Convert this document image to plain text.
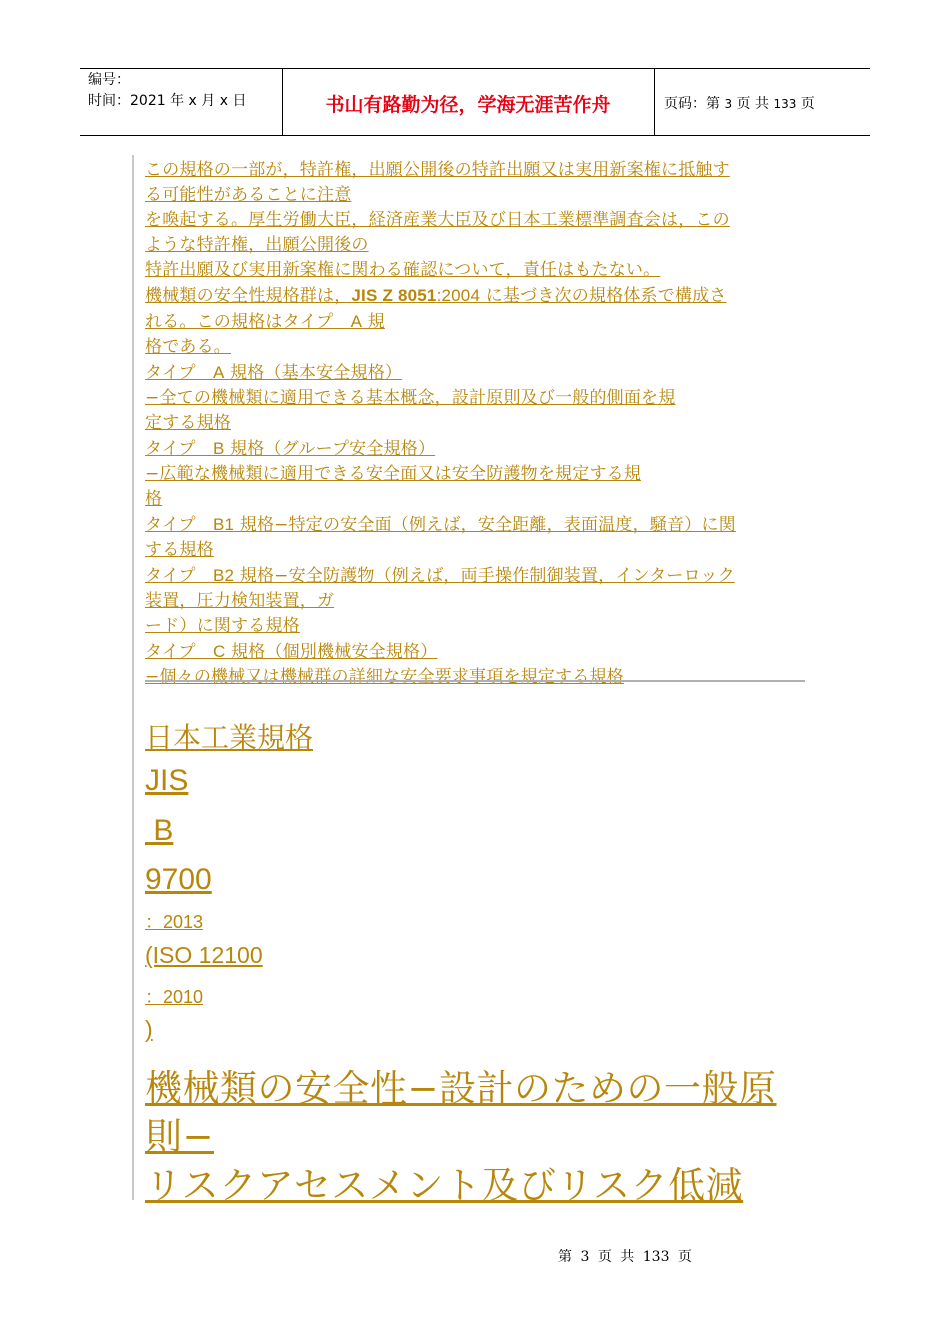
编号：
时间：2021 年 x 月 x 日	书山有路勤为径，学海无涯苦作舟	页码：第 3 页 共 133 页
この規格の一部が，特許権，出願公開後の特許出願又は実用新案権に抵触す
る可能性があることに注意
を喚起する。厚生労働大臣，経済産業大臣及び日本工業標準調査会は，この
ような特許権，出願公開後の
特許出願及び実用新案権に関わる確認について，責任はもたない。
機械類の安全性規格群は，JIS Z 8051:2004 に基づき次の規格体系で構成さ
れる。この規格はタイプ　A 規
格である。
タイプ　A 規格（基本安全規格）
−全ての機械類に適用できる基本概念，設計原則及び一般的側面を規
定する規格
タイプ　B 規格（グループ安全規格）
−広範な機械類に適用できる安全面又は安全防護物を規定する規
格
タイプ　B1 規格−特定の安全面（例えば，安全距離，表面温度，騒音）に関
する規格
タイプ　B2 規格−安全防護物（例えば，両手操作制御装置，インターロック
装置，圧力検知装置，ガ
ード）に関する規格
タイプ　C 規格（個別機械安全規格）
−個々の機械又は機械群の詳細な安全要求事項を規定する規格
日本工業規格
JIS
B
9700
：2013
(ISO 12100
：2010
)
機械類の安全性−設計のための一般原
則−
リスクアセスメント及びリスク低減
第 3 页 共 133 页
